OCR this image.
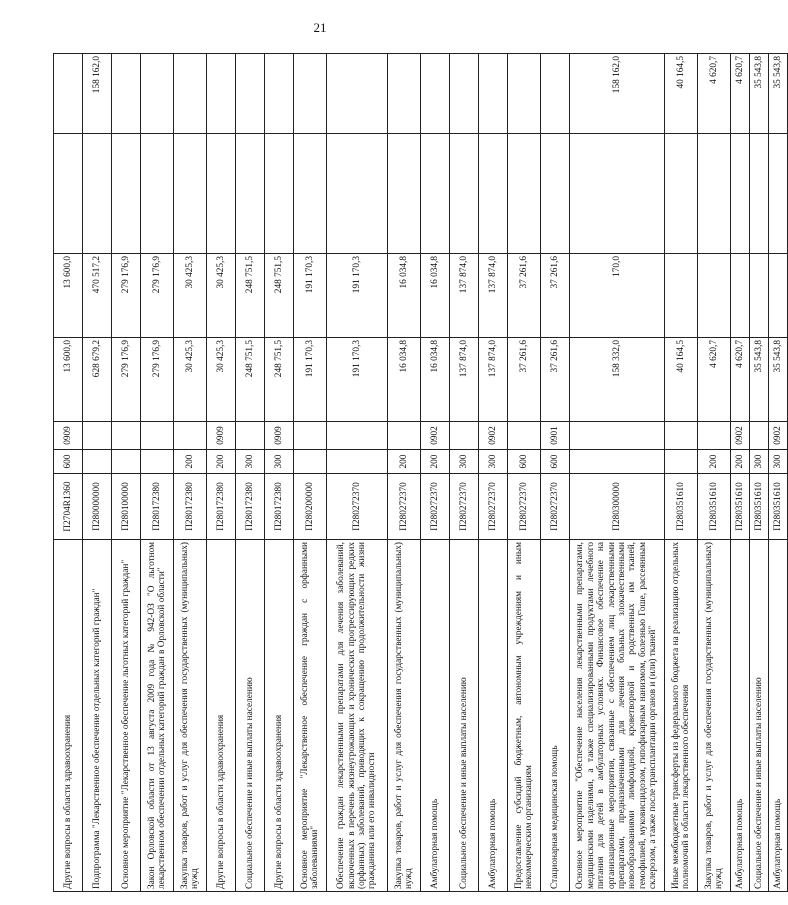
21
Другие вопросы в области здравоохранения	П2704R1360	600	0909	13 600,0	13 600,0		
Подпрограмма "Лекарственное обеспечение отдельных категорий граждан"	П280000000			628 679,2	470 517,2		158 162,0
Основное мероприятие "Лекарственное обеспечение льготных категорий граждан"	П280100000			279 176,9	279 176,9		
Закон Орловской области от 13 августа 2009 года № 942-ОЗ "О льготном лекарственном обеспечении отдельных категорий граждан в Орловской области"	П280172380			279 176,9	279 176,9		
Закупка товаров, работ и услуг для обеспечения государственных (муниципальных) нужд	П280172380	200		30 425,3	30 425,3		
Другие вопросы в области здравоохранения	П280172380	200	0909	30 425,3	30 425,3		
Социальное обеспечение и иные выплаты населению	П280172380	300		248 751,5	248 751,5		
Другие вопросы в области здравоохранения	П280172380	300	0909	248 751,5	248 751,5		
Основное мероприятие "Лекарственное обеспечение граждан с орфанными заболеваниями"	П280200000			191 170,3	191 170,3		
Обеспечение граждан лекарственными препаратами для лечения заболеваний, включенных в перечень жизнеугрожающих и хронических прогрессирующих редких (орфанных) заболеваний, приводящих к сокращению продолжительности жизни гражданина или его инвалидности	П280272370			191 170,3	191 170,3		
Закупка товаров, работ и услуг для обеспечения государственных (муниципальных) нужд	П280272370	200		16 034,8	16 034,8		
Амбулаторная помощь	П280272370	200	0902	16 034,8	16 034,8		
Социальное обеспечение и иные выплаты населению	П280272370	300		137 874,0	137 874,0		
Амбулаторная помощь	П280272370	300	0902	137 874,0	137 874,0		
Предоставление субсидий бюджетным, автономным учреждениям и иным некоммерческим организациям	П280272370	600		37 261,6	37 261,6		
Стационарная медицинская помощь	П280272370	600	0901	37 261,6	37 261,6		
Основное мероприятие "Обеспечение населения лекарственными препаратами, медицинскими изделиями, а также специализированными продуктами лечебного питания для детей в амбулаторных условиях. Финансовое обеспечение на организационные мероприятия, связанные с обеспечением лиц лекарственными препаратами, предназначенными для лечения больных злокачественными новообразованиями лимфоидной, кроветворной и родственных им тканей, гемофилией, муковисцидозом, гипофизарным нанизмом, болезнью Гоше, рассеянным склерозом, а также после трансплантации органов и (или) тканей"	П280300000			158 332,0	170,0		158 162,0
Иные межбюджетные трансферты из федерального бюджета на реализацию отдельных полномочий в области лекарственного обеспечения	П280351610			40 164,5			40 164,5
Закупка товаров, работ и услуг для обеспечения государственных (муниципальных) нужд	П280351610	200		4 620,7			4 620,7
Амбулаторная помощь	П280351610	200	0902	4 620,7			4 620,7
Социальное обеспечение и иные выплаты населению	П280351610	300		35 543,8			35 543,8
Амбулаторная помощь	П280351610	300	0902	35 543,8			35 543,8
